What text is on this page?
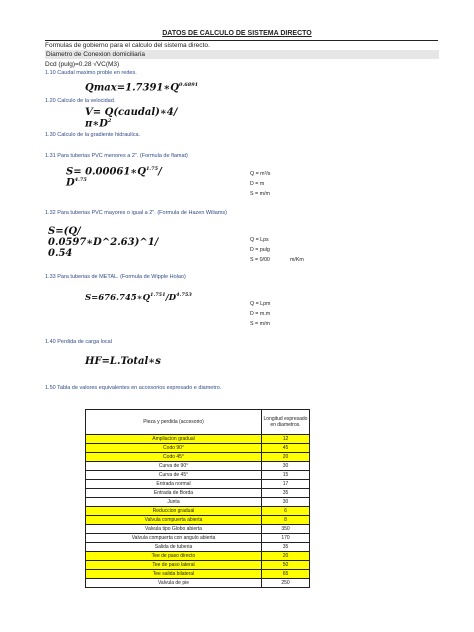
DATOS DE CALCULO DE SISTEMA DIRECTO
Formulas de gobierno para el calculo del sistema directo.
Diametro de Conexion domiciliaria
Dcd (pulg)=0.28 √VC(M3)
1.10 Caudal maximo proble en redes.
$Qmax=1.7391∗Q^{0.6891}$
1.20 Calculo de la velocidad.
V= Q(caudal)∗4/
$\pi∗D^2$
1.30 Calculo de la gradiente hidraulica.
1.31 Para tuberias PVC menores a 2". (Formula de flamat)
$S= 0.00061∗Q^{1.75}/$
$D^{4.75}$
Q = m³/s
D = m
S = m/m
1.32 Para tuberias PVC mayores o igual a 2". (Formula de Hazen Wiliams)
S=(Q/
0.0597∗D^2.63)^1/
0.54
Q = Lps
D = pulg
S = 0/00	m/Km
1.33 Para tuberias de METAL. (Formula de Wipple Holao)
$S=676.745∗Q^{1.751}/D^{4.753}$
Q = Lpm
D = m.m
S = m/m
1.40 Perdida de carga local
HF=L.Total∗s
1.50 Tabla de valores equivalentes en accesorios expresado e diametro.
Pieza y perdida (accesorio)	Longitud expresado en diametros.
Ampliacion gradual	12
Codo 90°	45
Codo 45°	20
Curva de 90°	30
Curva de 45°	15
Entrada normal	17
Entrada de Borda	35
Junta	30
Reduccion gradual	6
Valvula compuerta abierta	8
Valvula tipo Globo abierta	350
Valvula compuerta con angulo abierta	170
Salida de tuberia	35
Tee de paso directo	20
Tee de paso lateral	50
Tee salida bilateral	65
Valvula de pie	250
